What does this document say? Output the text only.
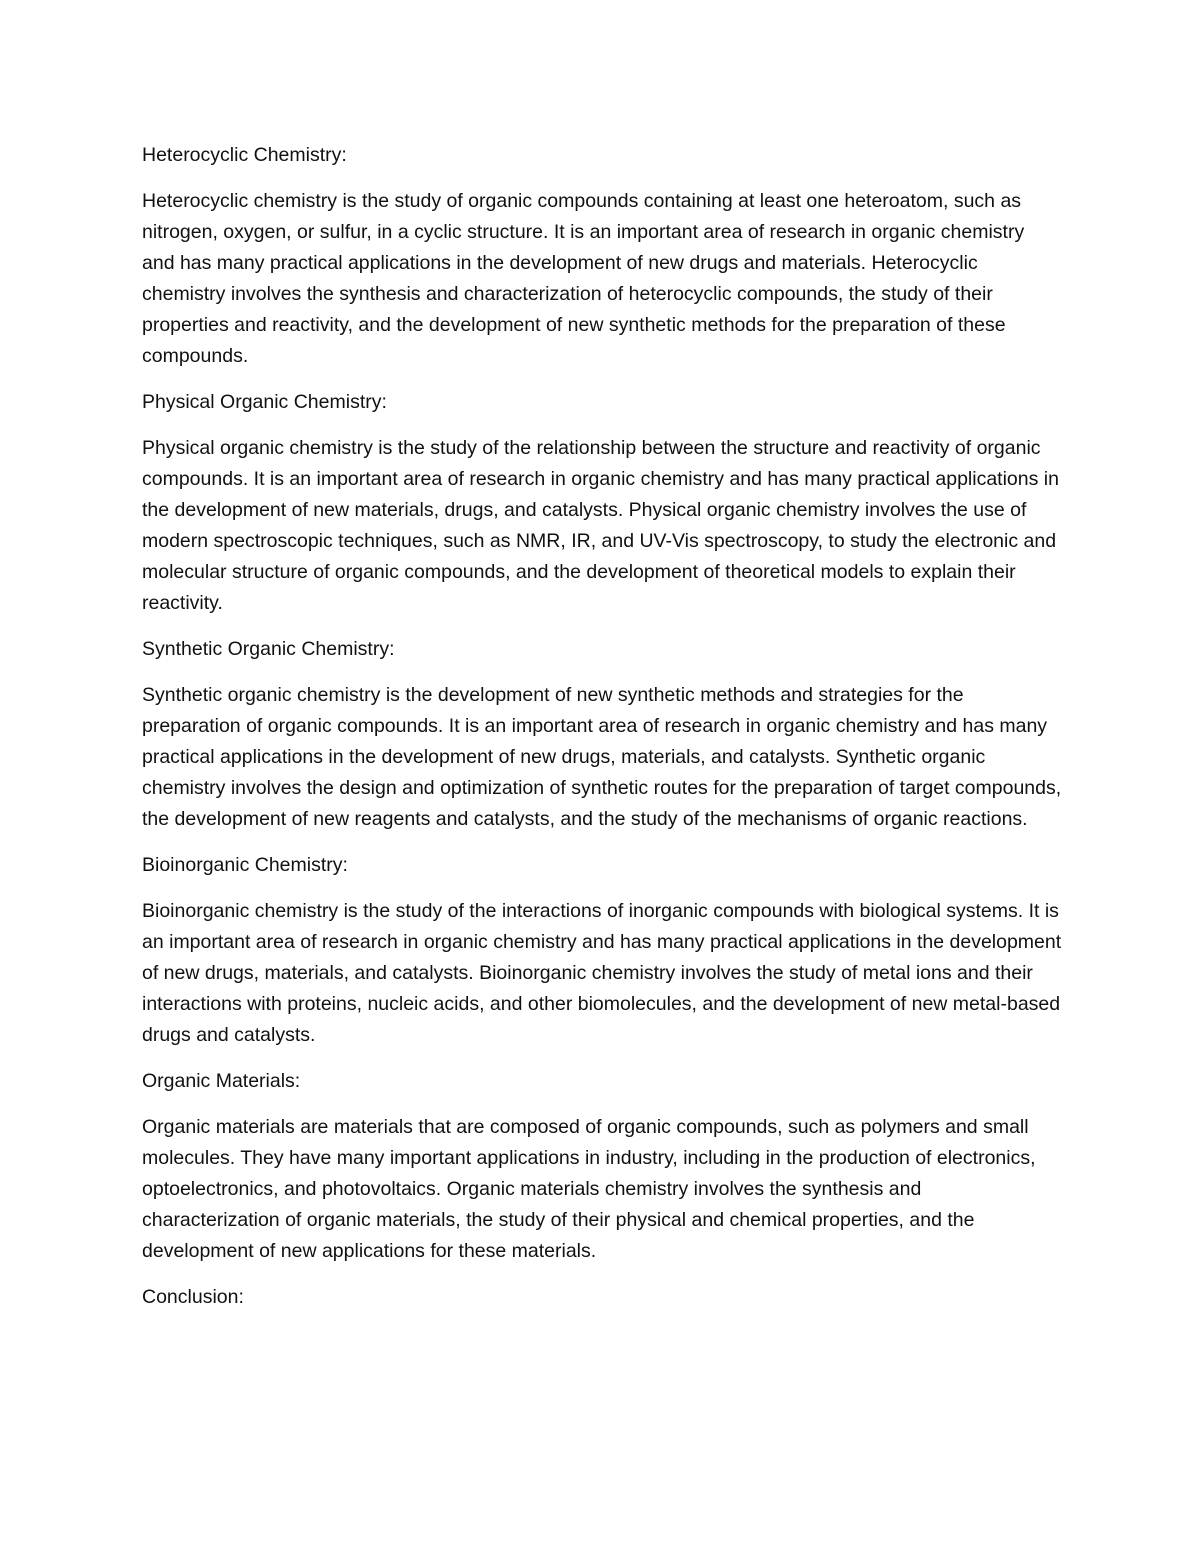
Heterocyclic Chemistry:

Heterocyclic chemistry is the study of organic compounds containing at least one heteroatom, such as nitrogen, oxygen, or sulfur, in a cyclic structure. It is an important area of research in organic chemistry and has many practical applications in the development of new drugs and materials. Heterocyclic chemistry involves the synthesis and characterization of heterocyclic compounds, the study of their properties and reactivity, and the development of new synthetic methods for the preparation of these compounds.

Physical Organic Chemistry:

Physical organic chemistry is the study of the relationship between the structure and reactivity of organic compounds. It is an important area of research in organic chemistry and has many practical applications in the development of new materials, drugs, and catalysts. Physical organic chemistry involves the use of modern spectroscopic techniques, such as NMR, IR, and UV-Vis spectroscopy, to study the electronic and molecular structure of organic compounds, and the development of theoretical models to explain their reactivity.

Synthetic Organic Chemistry:

Synthetic organic chemistry is the development of new synthetic methods and strategies for the preparation of organic compounds. It is an important area of research in organic chemistry and has many practical applications in the development of new drugs, materials, and catalysts. Synthetic organic chemistry involves the design and optimization of synthetic routes for the preparation of target compounds, the development of new reagents and catalysts, and the study of the mechanisms of organic reactions.

Bioinorganic Chemistry:

Bioinorganic chemistry is the study of the interactions of inorganic compounds with biological systems. It is an important area of research in organic chemistry and has many practical applications in the development of new drugs, materials, and catalysts. Bioinorganic chemistry involves the study of metal ions and their interactions with proteins, nucleic acids, and other biomolecules, and the development of new metal-based drugs and catalysts.

Organic Materials:

Organic materials are materials that are composed of organic compounds, such as polymers and small molecules. They have many important applications in industry, including in the production of electronics, optoelectronics, and photovoltaics. Organic materials chemistry involves the synthesis and characterization of organic materials, the study of their physical and chemical properties, and the development of new applications for these materials.

Conclusion:
